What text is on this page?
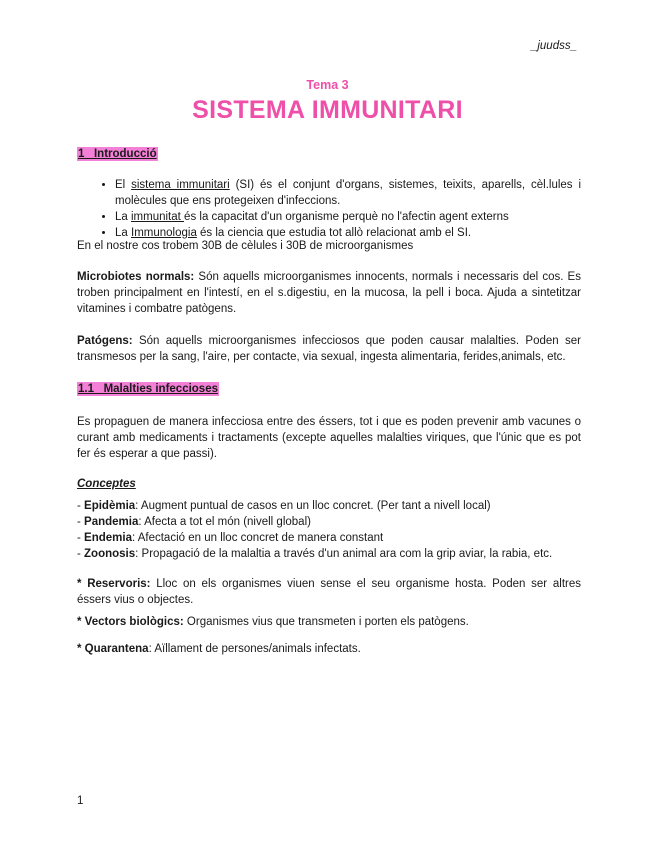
_juudss_
Tema 3
SISTEMA IMMUNITARI
1_ Introducció
• El sistema immunitari (SI) és el conjunt d'organs, sistemes, teixits, aparells, cèl.lules i molècules que ens protegeixen d'infeccions.
• La immunitat és la capacitat d'un organisme perquè no l'afectin agent externs
• La Immunologia és la ciencia que estudia tot allò relacionat amb el SI.
En el nostre cos trobem 30B de cèlules i 30B de microorganismes
Microbiotes normals: Són aquells microorganismes innocents, normals i necessaris del cos. Es troben principalment en l'intestí, en el s.digestiu, en la mucosa, la pell i boca. Ajuda a sintetitzar vitamines i combatre patògens.
Patógens: Són aquells microorganismes infecciosos que poden causar malalties. Poden ser transmesos per la sang, l'aire, per contacte, via sexual, ingesta alimentaria, ferides,animals, etc.
1.1_ Malalties infeccioses
Es propaguen de manera infecciosa entre des éssers, tot i que es poden prevenir amb vacunes o curant amb medicaments i tractaments (excepte aquelles malalties viriques, que l'únic que es pot fer és esperar a que passi).
Conceptes

- Epidèmia: Augment puntual de casos en un lloc concret. (Per tant a nivell local)

- Pandemia: Afecta a tot el món (nivell global)

- Endemia: Afectació en un lloc concret de manera constant

- Zoonosis: Propagació de la malaltia a través d'un animal ara com la grip aviar, la rabia, etc.

* Reservoris: Lloc on els organismes viuen sense el seu organisme hosta. Poden ser altres éssers vius o objectes.
* Vectors biològics: Organismes vius que transmeten i porten els patògens.
* Quarantena: Aïllament de persones/animals infectats.
1
